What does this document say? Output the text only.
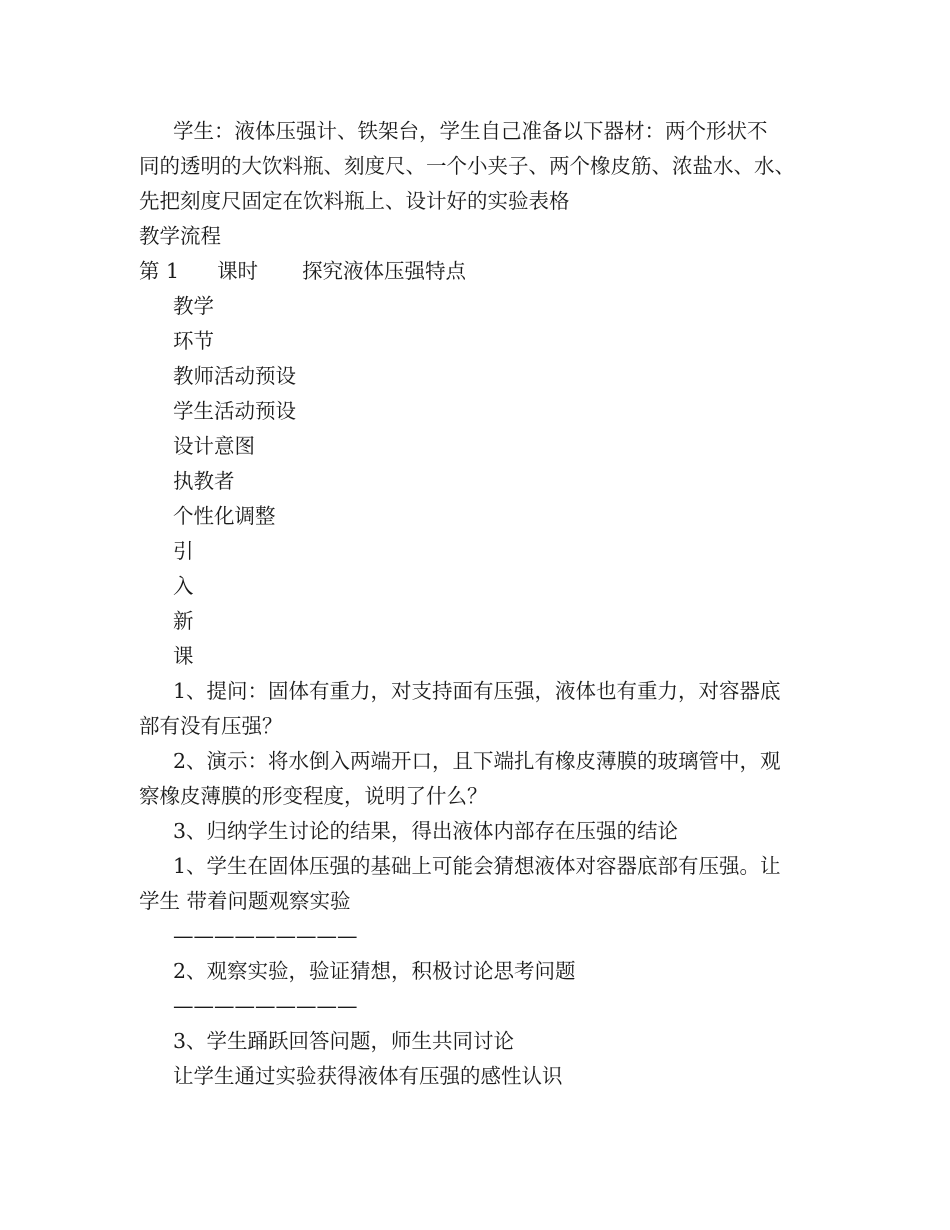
学生：液体压强计、铁架台，学生自己准备以下器材：两个形状不
同的透明的大饮料瓶、刻度尺、一个小夹子、两个橡皮筋、浓盐水、水、
先把刻度尺固定在饮料瓶上、设计好的实验表格
教学流程
第 1 课时 探究液体压强特点
教学
环节
教师活动预设
学生活动预设
设计意图
执教者
个性化调整
引
入
新
课
1、提问：固体有重力，对支持面有压强，液体也有重力，对容器底
部有没有压强？
2、演示：将水倒入两端开口，且下端扎有橡皮薄膜的玻璃管中，观
察橡皮薄膜的形变程度，说明了什么？
3、归纳学生讨论的结果，得出液体内部存在压强的结论
1、学生在固体压强的基础上可能会猜想液体对容器底部有压强。让
学生 带着问题观察实验
—————————
2、观察实验，验证猜想，积极讨论思考问题
—————————
3、学生踊跃回答问题，师生共同讨论
让学生通过实验获得液体有压强的感性认识
